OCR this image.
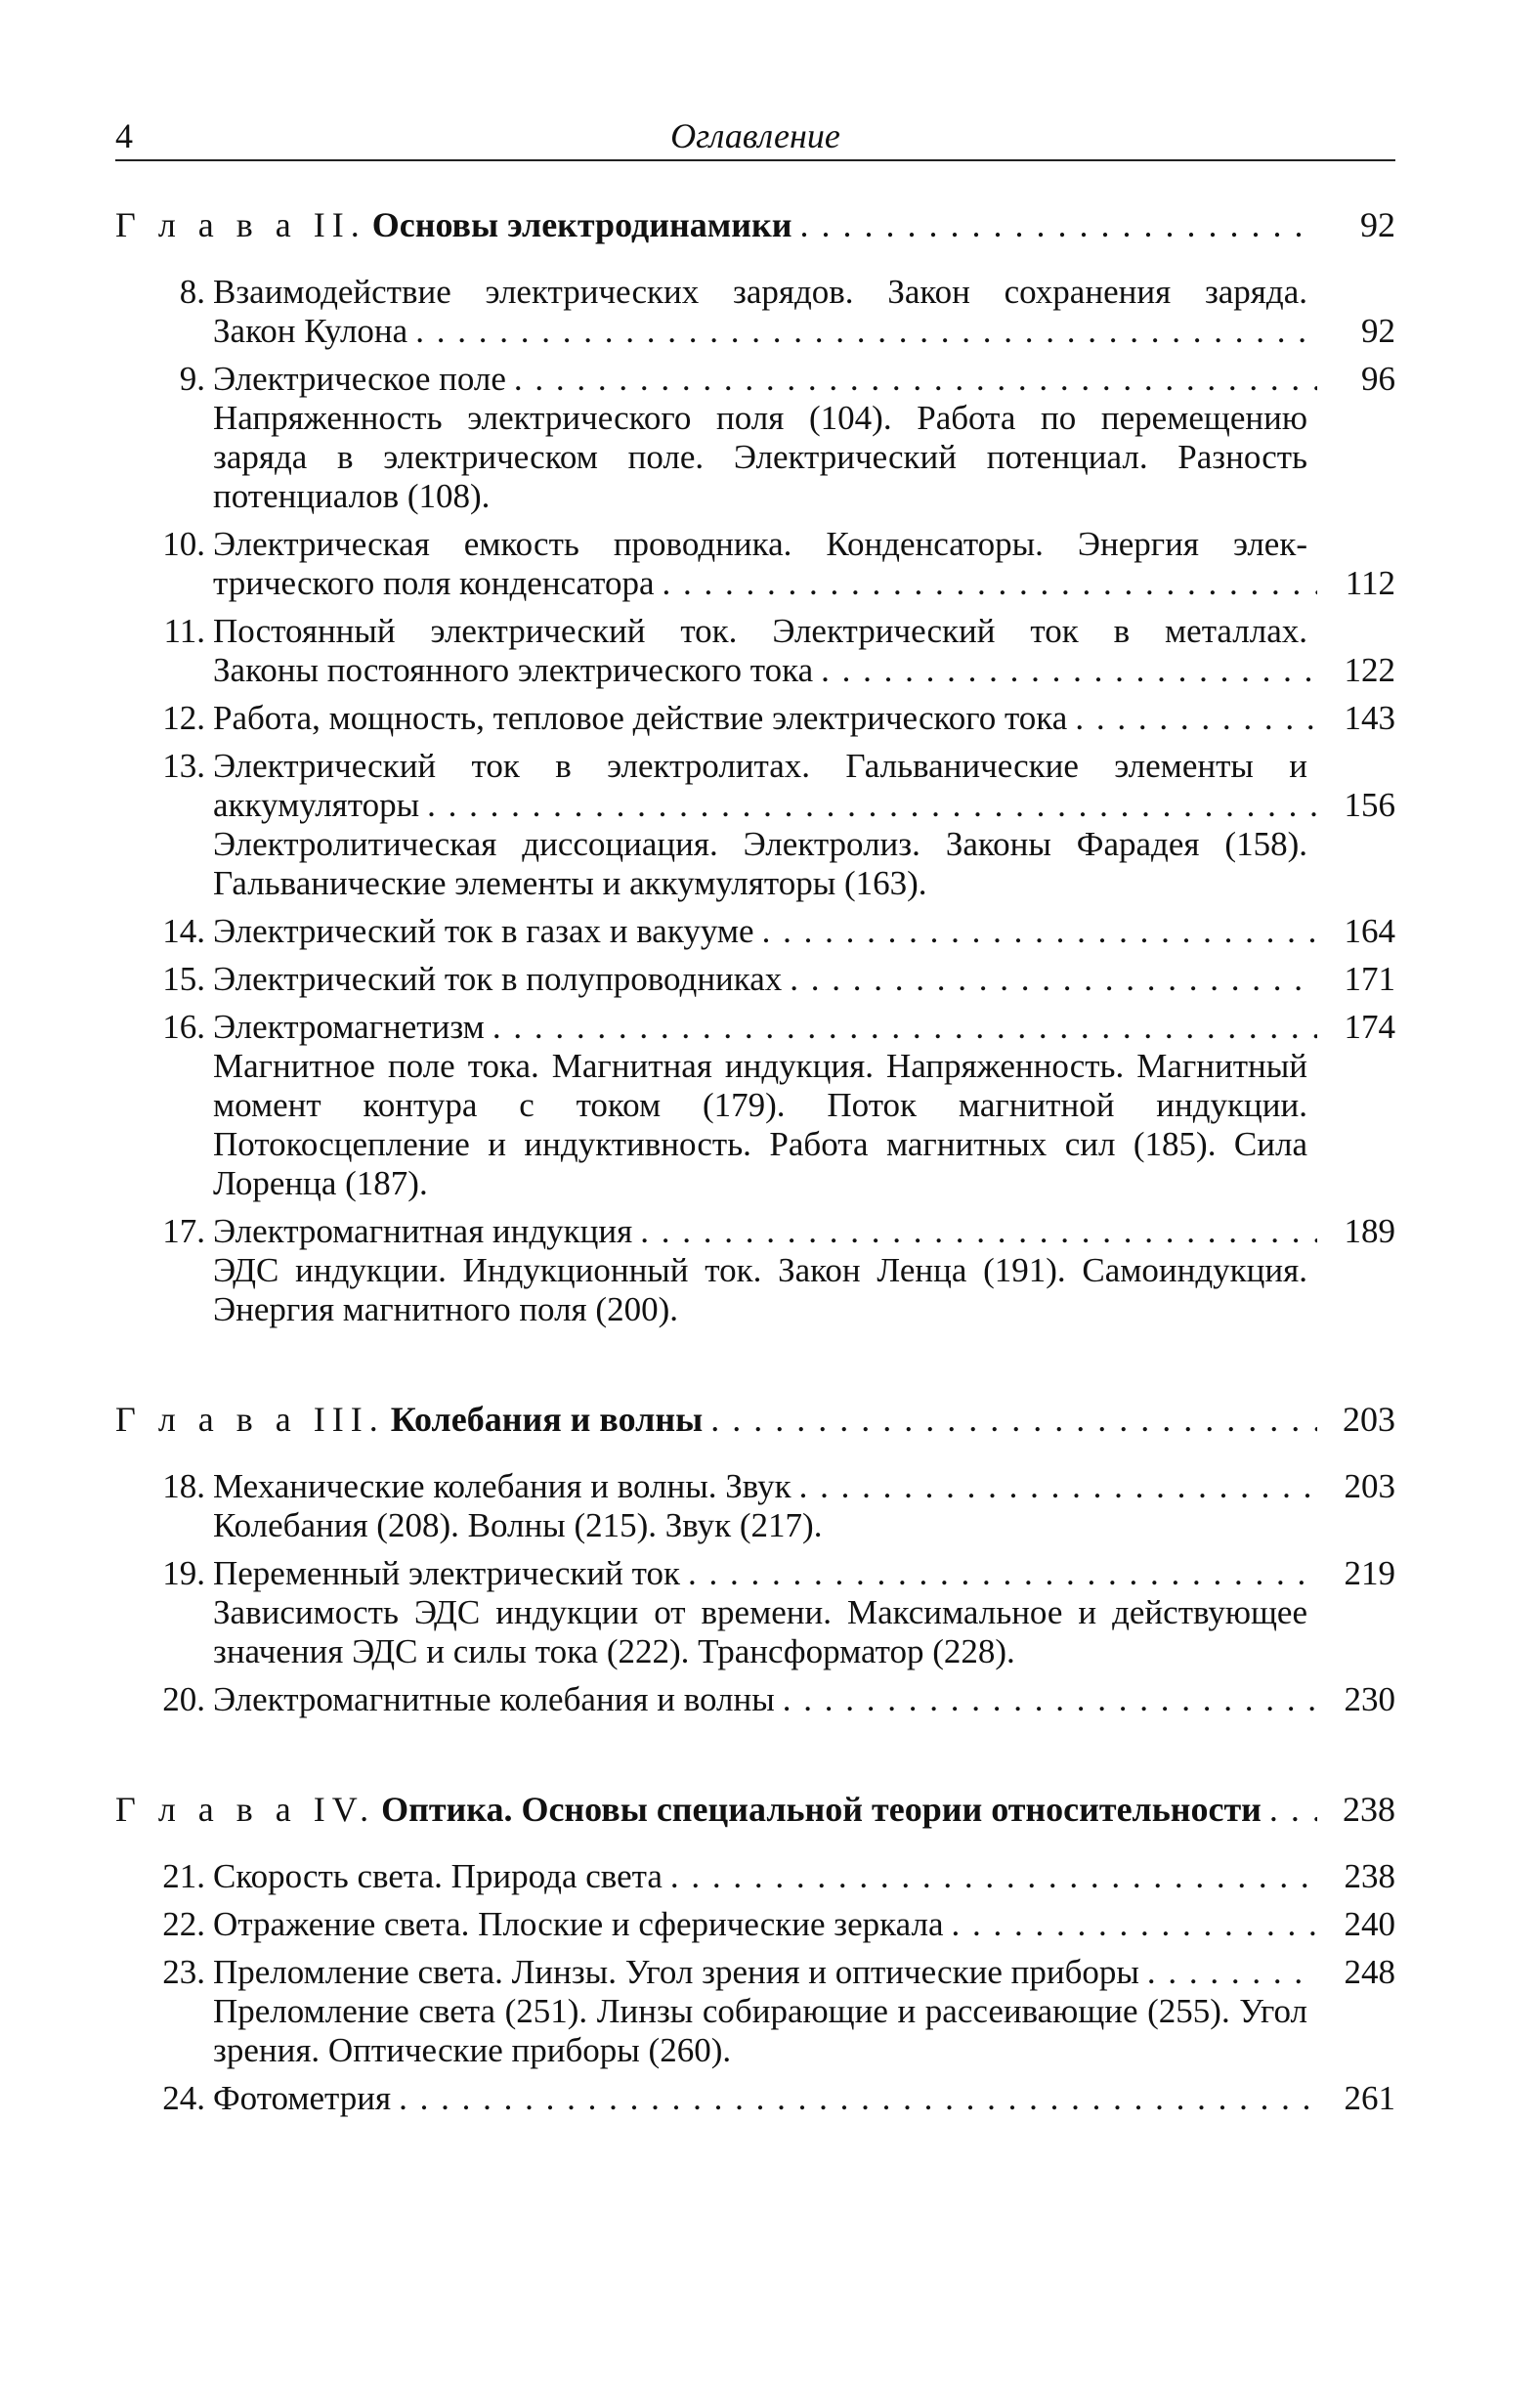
4	Оглавление
Г л а в а II. Основы электродинамики . . .	92
8. Взаимодействие электрических зарядов. Закон сохранения заряда.
Закон Кулона . . .	92
9. Электрическое поле . . .	96
Напряженность электрического поля (104). Работа по перемещению заряда в электрическом поле. Электрический потенциал. Разность потенциалов (108).
10. Электрическая емкость проводника. Конденсаторы. Энергия элек-
трического поля конденсатора . . .	112
11. Постоянный электрический ток. Электрический ток в металлах.
Законы постоянного электрического тока . . .	122
12. Работа, мощность, тепловое действие электрического тока . . .	143
13. Электрический ток в электролитах. Гальванические элементы и
аккумуляторы . . .	156
Электролитическая диссоциация. Электролиз. Законы Фарадея (158). Гальванические элементы и аккумуляторы (163).
14. Электрический ток в газах и вакууме . . .	164
15. Электрический ток в полупроводниках . . .	171
16. Электромагнетизм . . .	174
Магнитное поле тока. Магнитная индукция. Напряженность. Магнитный момент контура с током (179). Поток магнитной индукции. Потокосцепление и индуктивность. Работа магнитных сил (185). Сила Лоренца (187).
17. Электромагнитная индукция . . .	189
ЭДС индукции. Индукционный ток. Закон Ленца (191). Самоиндукция. Энергия магнитного поля (200).
Г л а в а III. Колебания и волны . . .	203
18. Механические колебания и волны. Звук . . .	203
Колебания (208). Волны (215). Звук (217).
19. Переменный электрический ток . . .	219
Зависимость ЭДС индукции от времени. Максимальное и действующее значения ЭДС и силы тока (222). Трансформатор (228).
20. Электромагнитные колебания и волны . . .	230
Г л а в а IV. Оптика. Основы специальной теории относительности . . .	238
21. Скорость света. Природа света . . .	238
22. Отражение света. Плоские и сферические зеркала . . .	240
23. Преломление света. Линзы. Угол зрения и оптические приборы . . .	248
Преломление света (251). Линзы собирающие и рассеивающие (255). Угол зрения. Оптические приборы (260).
24. Фотометрия . . .	261
